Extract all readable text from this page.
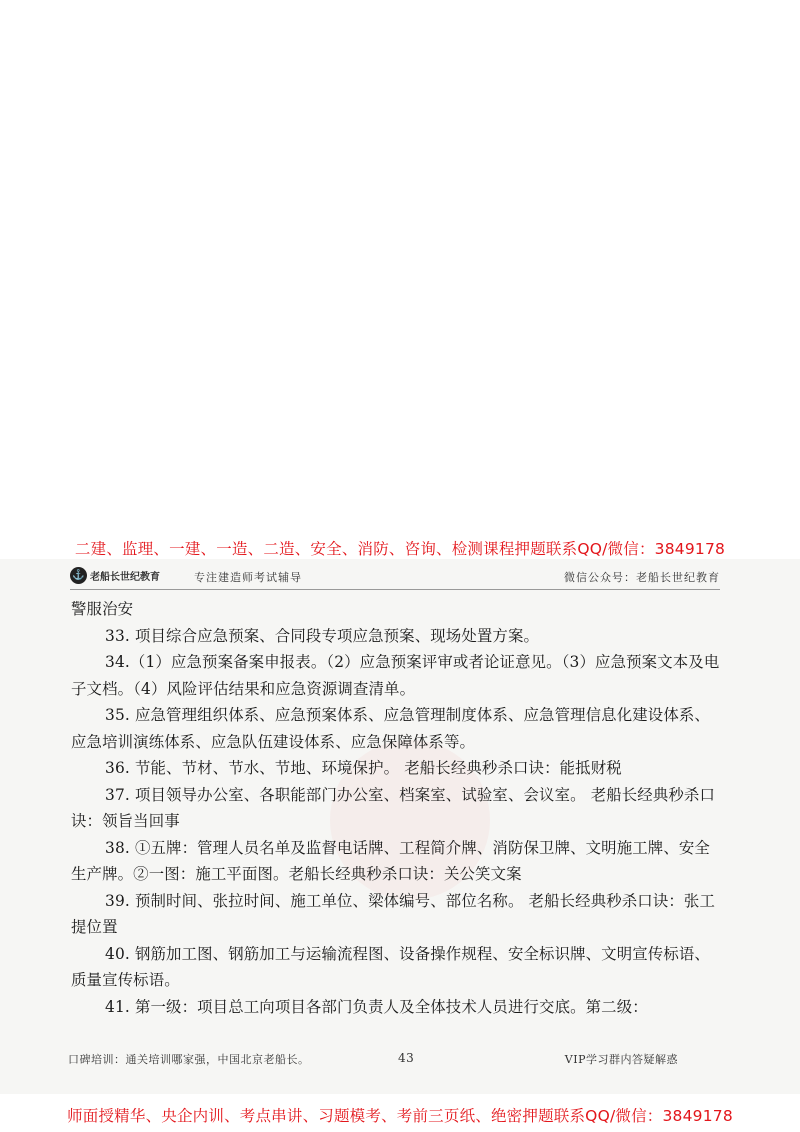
二建、监理、一建、一造、二造、安全、消防、咨询、检测课程押题联系QQ/微信：3849178
⚓ 老船长世纪教育	专注建造师考试辅导	微信公众号：老船长世纪教育

警服治安

33. 项目综合应急预案、合同段专项应急预案、现场处置方案。

34.（1）应急预案备案申报表。（2）应急预案评审或者论证意见。（3）应急预案文本及电子文档。（4）风险评估结果和应急资源调查清单。

35. 应急管理组织体系、应急预案体系、应急管理制度体系、应急管理信息化建设体系、应急培训演练体系、应急队伍建设体系、应急保障体系等。

36. 节能、节材、节水、节地、环境保护。 老船长经典秒杀口诀：能抵财税

37. 项目领导办公室、各职能部门办公室、档案室、试验室、会议室。 老船长经典秒杀口诀：领旨当回事

38. ①五牌：管理人员名单及监督电话牌、工程简介牌、消防保卫牌、文明施工牌、安全生产牌。②一图：施工平面图。老船长经典秒杀口诀：关公笑文案

39. 预制时间、张拉时间、施工单位、梁体编号、部位名称。 老船长经典秒杀口诀：张工提位置

40. 钢筋加工图、钢筋加工与运输流程图、设备操作规程、安全标识牌、文明宣传标语、质量宣传标语。

41. 第一级：项目总工向项目各部门负责人及全体技术人员进行交底。第二级：

口碑培训：通关培训哪家强，中国北京老船长。	43	VIP学习群内答疑解惑
师面授精华、央企内训、考点串讲、习题模考、考前三页纸、绝密押题联系QQ/微信：3849178
